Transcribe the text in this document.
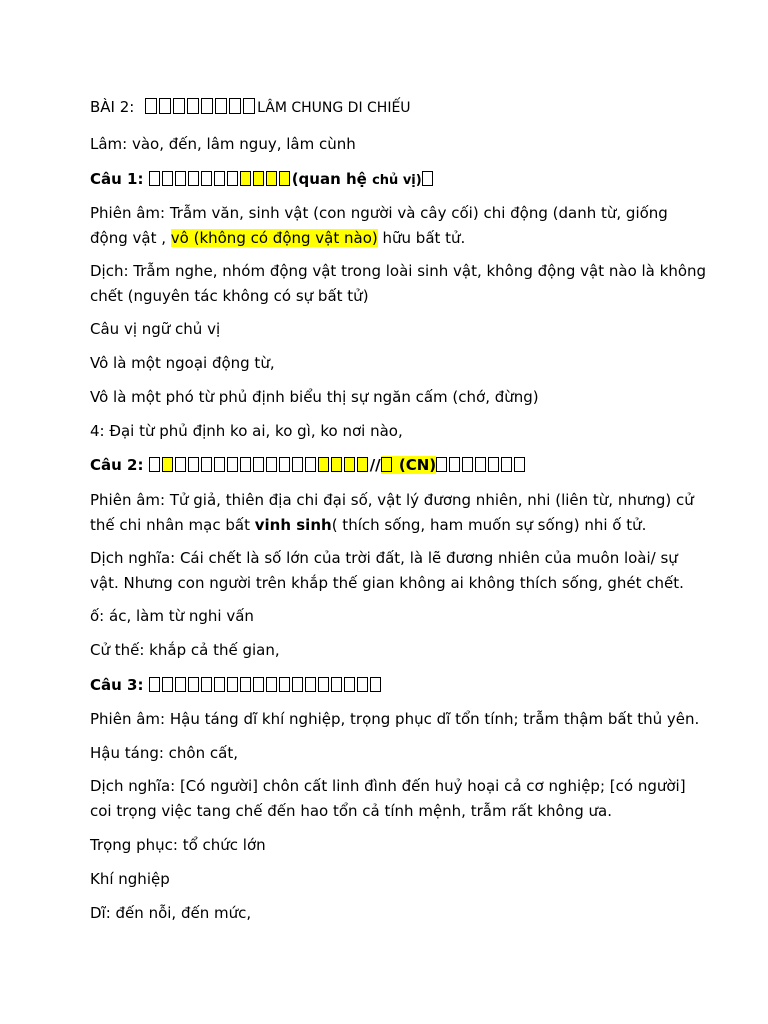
BÀI 2:	LÂM CHUNG DI CHIẾU
Lâm: vào, đến, lâm nguy, lâm cùnh
Câu 1:	(quan hệ chủ vị)
Phiên âm: Trẫm văn, sinh vật (con người và cây cối) chi động (danh từ, giống
động vật , vô (không có động vật nào) hữu bất tử.
Dịch: Trẫm nghe, nhóm động vật trong loài sinh vật, không động vật nào là không
chết (nguyên tác không có sự bất tử)
Câu vị ngữ chủ vị
Vô là một ngoại động từ,
Vô là một phó từ phủ định biểu thị sự ngăn cấm (chớ, đừng)
4: Đại từ phủ định ko ai, ko gì, ko nơi nào,
Câu 2:	// (CN)
Phiên âm: Tử giả, thiên địa chi đại số, vật lý đương nhiên, nhi (liên từ, nhưng) cử
thế chi nhân mạc bất vinh sinh( thích sống, ham muốn sự sống) nhi ố tử.
Dịch nghĩa: Cái chết là số lớn của trời đất, là lẽ đương nhiên của muôn loài/ sự
vật. Nhưng con người trên khắp thế gian không ai không thích sống, ghét chết.
ố: ác, làm từ nghi vấn
Cử thế: khắp cả thế gian,
Câu 3:
Phiên âm: Hậu táng dĩ khí nghiệp, trọng phục dĩ tổn tính; trẫm thậm bất thủ yên.
Hậu táng: chôn cất,
Dịch nghĩa: [Có người] chôn cất linh đình đến huỷ hoại cả cơ nghiệp; [có người]
coi trọng việc tang chế đến hao tổn cả tính mệnh, trẫm rất không ưa.
Trọng phục: tổ chức lớn
Khí nghiệp
Dĩ: đến nỗi, đến mức,
